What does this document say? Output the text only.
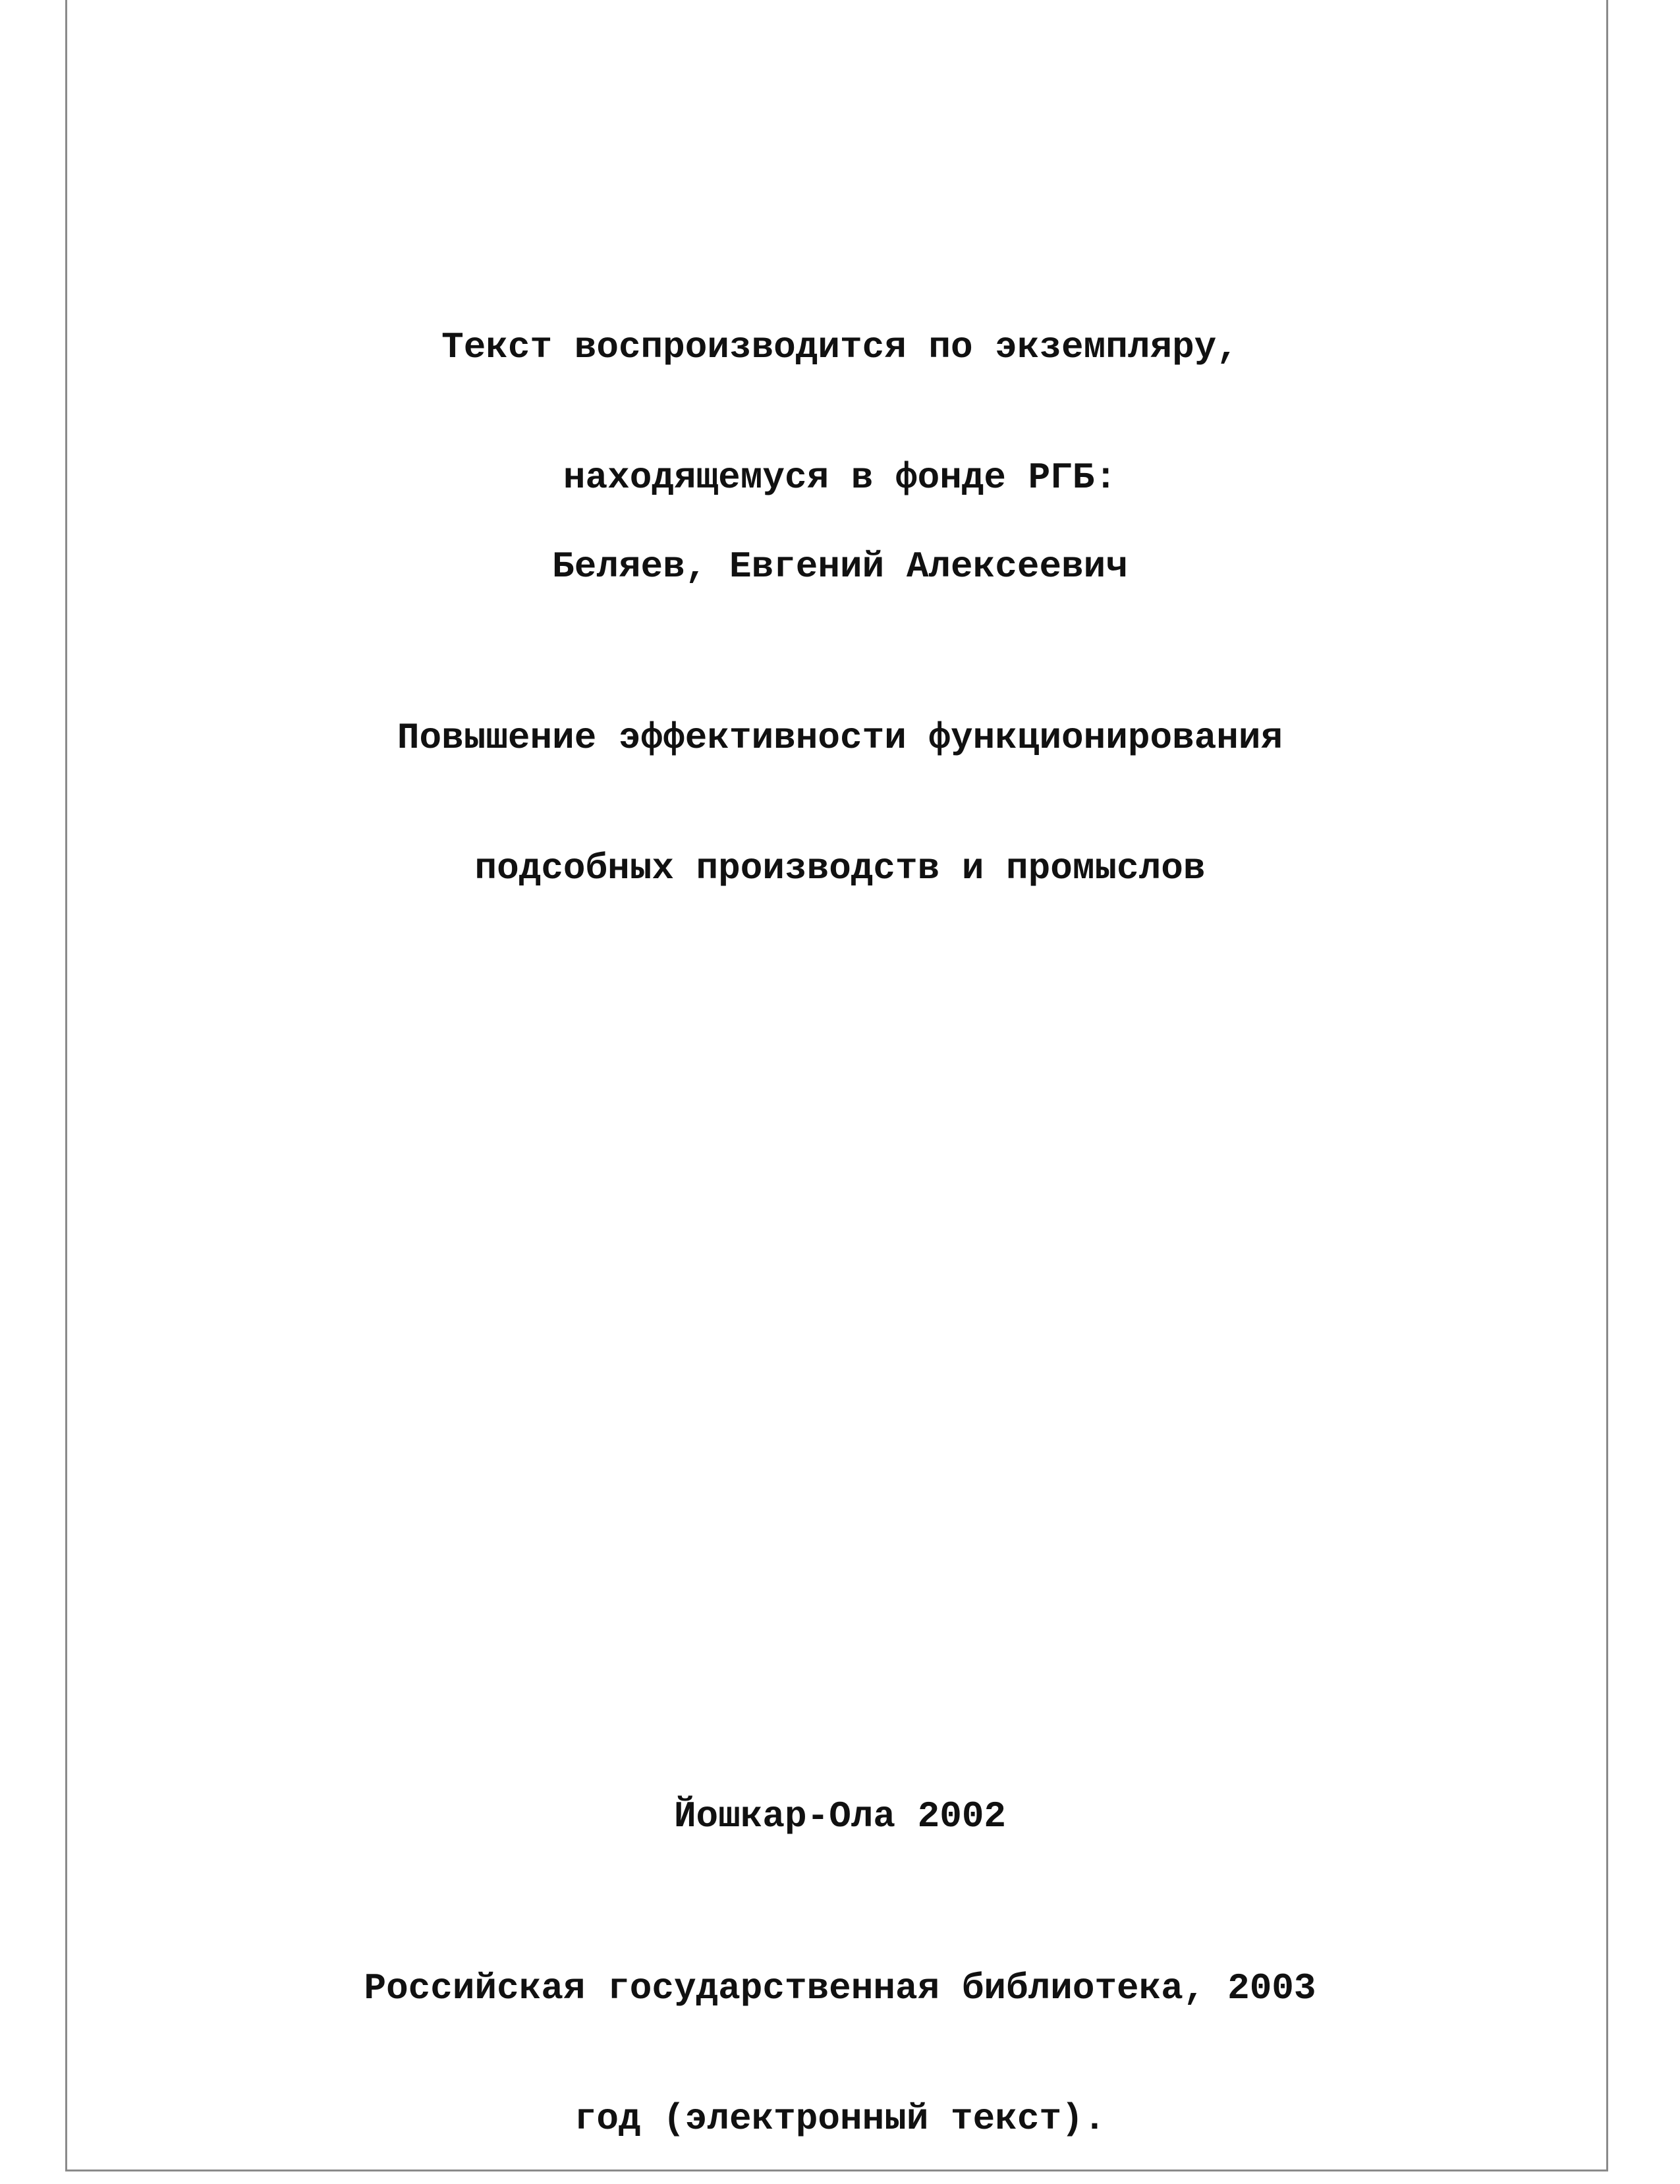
Текст воспроизводится по экземпляру,

находящемуся в фонде РГБ:

Беляев, Евгений Алексеевич

Повышение эффективности функционирования

подсобных производств и промыслов

Йошкар-Ола 2002

Российская государственная библиотека, 2003

год (электронный текст).
